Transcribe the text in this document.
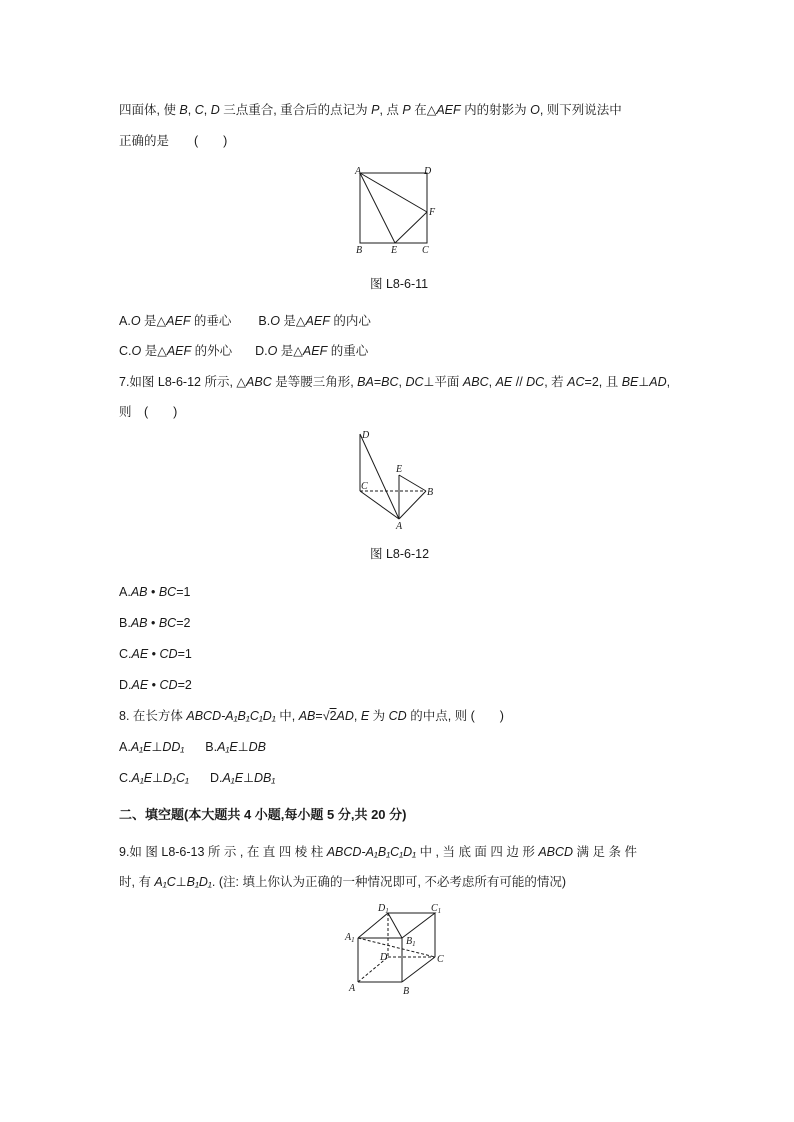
四面体, 使 B, C, D 三点重合, 重合后的点记为 P, 点 P 在△AEF 内的射影为 O, 则下列说法中

正确的是　　(　　)

A	D
F
B	E C
图 L8-6-11

A.O 是△AEF 的垂心 B.O 是△AEF 的内心

C.O 是△AEF 的外心 D.O 是△AEF 的重心

7.如图 L8-6-12 所示, △ABC 是等腰三角形, BA=BC, DC⊥平面 ABC, AE // DC, 若 AC=2, 且 BE⊥AD,

则　(　　)

D
E
C
B
A
图 L8-6-12

A.AB • BC=1

B.AB • BC=2

C.AE • CD=1

D.AE • CD=2

8. 在长方体 ABCD-A₁B₁C₁D₁ 中, AB=√2AD, E 为 CD 的中点, 则 (　　)

A.A₁E⊥DD₁ B.A₁E⊥DB

C.A₁E⊥D₁C₁ D.A₁E⊥DB₁

二、填空题(本大题共 4 小题,每小题 5 分,共 20 分)

9.如 图 L8-6-13 所 示 , 在 直 四 棱 柱 ABCD-A₁B₁C₁D₁ 中 , 当 底 面 四 边 形 ABCD 满 足 条 件

时, 有 A₁C⊥B₁D₁. (注: 填上你认为正确的一种情况即可, 不必考虑所有可能的情况)

$D_1$	$C_1$
$A_1$	$B_1$
D	C
A	B
